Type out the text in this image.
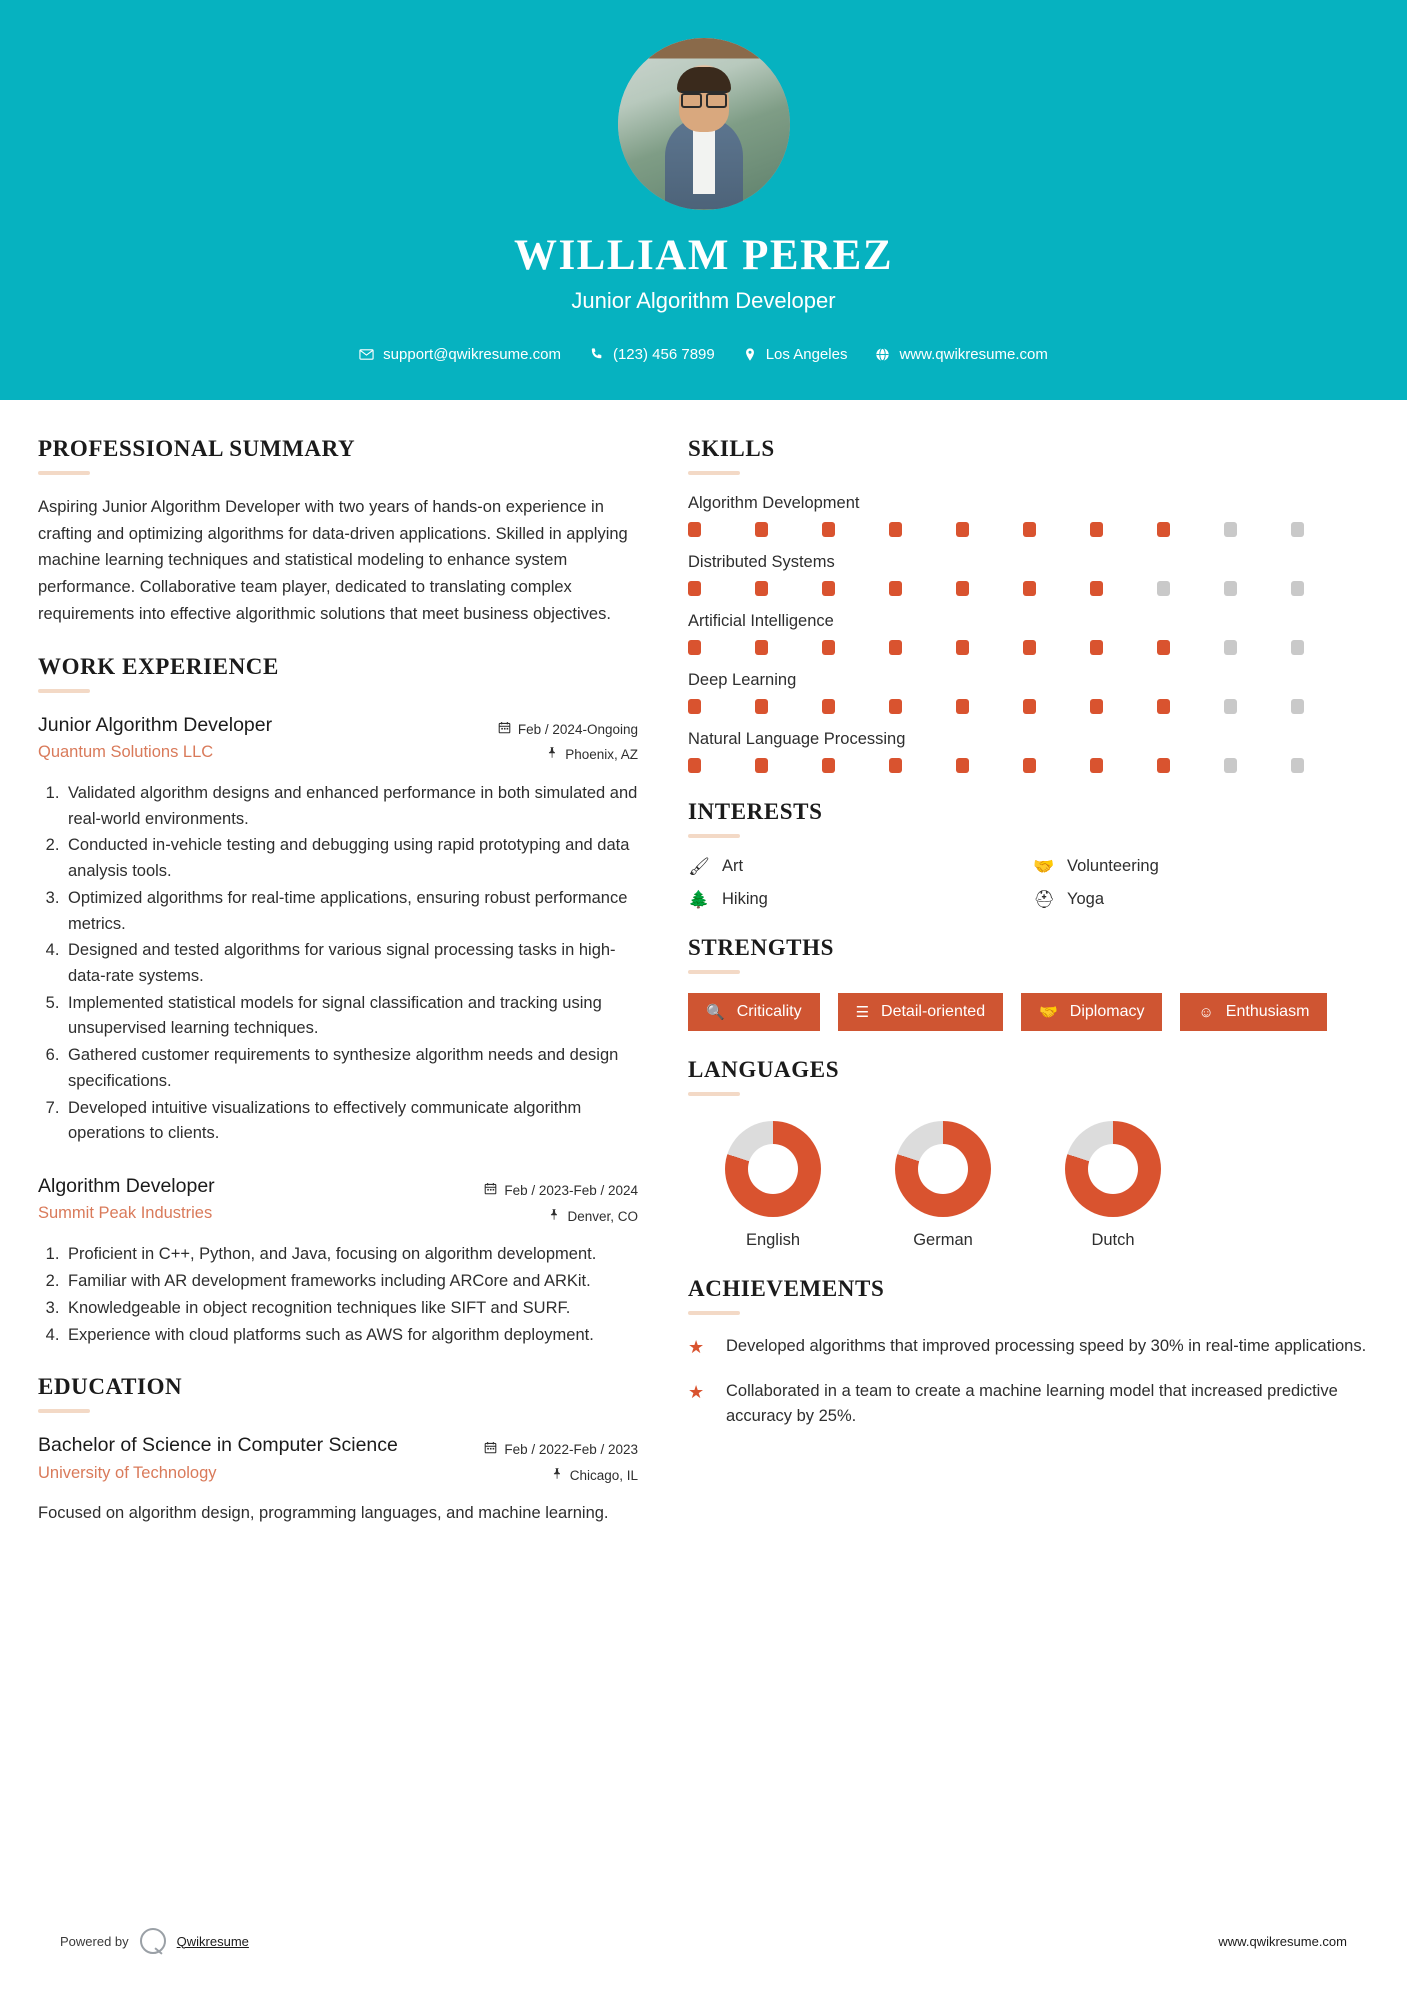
WILLIAM PEREZ
Junior Algorithm Developer
support@qwikresume.com	(123) 456 7899	Los Angeles	www.qwikresume.com
PROFESSIONAL SUMMARY
Aspiring Junior Algorithm Developer with two years of hands-on experience in crafting and optimizing algorithms for data-driven applications. Skilled in applying machine learning techniques and statistical modeling to enhance system performance. Collaborative team player, dedicated to translating complex requirements into effective algorithmic solutions that meet business objectives.
WORK EXPERIENCE
Junior Algorithm Developer
Quantum Solutions LLC
Feb / 2024-Ongoing
Phoenix, AZ
1. Validated algorithm designs and enhanced performance in both simulated and real-world environments.
2. Conducted in-vehicle testing and debugging using rapid prototyping and data analysis tools.
3. Optimized algorithms for real-time applications, ensuring robust performance metrics.
4. Designed and tested algorithms for various signal processing tasks in high-data-rate systems.
5. Implemented statistical models for signal classification and tracking using unsupervised learning techniques.
6. Gathered customer requirements to synthesize algorithm needs and design specifications.
7. Developed intuitive visualizations to effectively communicate algorithm operations to clients.
Algorithm Developer
Summit Peak Industries
Feb / 2023-Feb / 2024
Denver, CO
1. Proficient in C++, Python, and Java, focusing on algorithm development.
2. Familiar with AR development frameworks including ARCore and ARKit.
3. Knowledgeable in object recognition techniques like SIFT and SURF.
4. Experience with cloud platforms such as AWS for algorithm deployment.
EDUCATION
Bachelor of Science in Computer Science
University of Technology
Feb / 2022-Feb / 2023
Chicago, IL
Focused on algorithm design, programming languages, and machine learning.
SKILLS
Algorithm Development
Distributed Systems
Artificial Intelligence
Deep Learning
Natural Language Processing
INTERESTS
🖌 Art	🤝 Volunteering
🌲 Hiking	⛑ Yoga
STRENGTHS
🔍 Criticality	☰ Detail-oriented	🤝 Diplomacy	☺ Enthusiasm
LANGUAGES
English	German	Dutch
ACHIEVEMENTS
★	Developed algorithms that improved processing speed by 30% in real-time applications.
★	Collaborated in a team to create a machine learning model that increased predictive accuracy by 25%.
Powered by	Qwikresume	www.qwikresume.com
